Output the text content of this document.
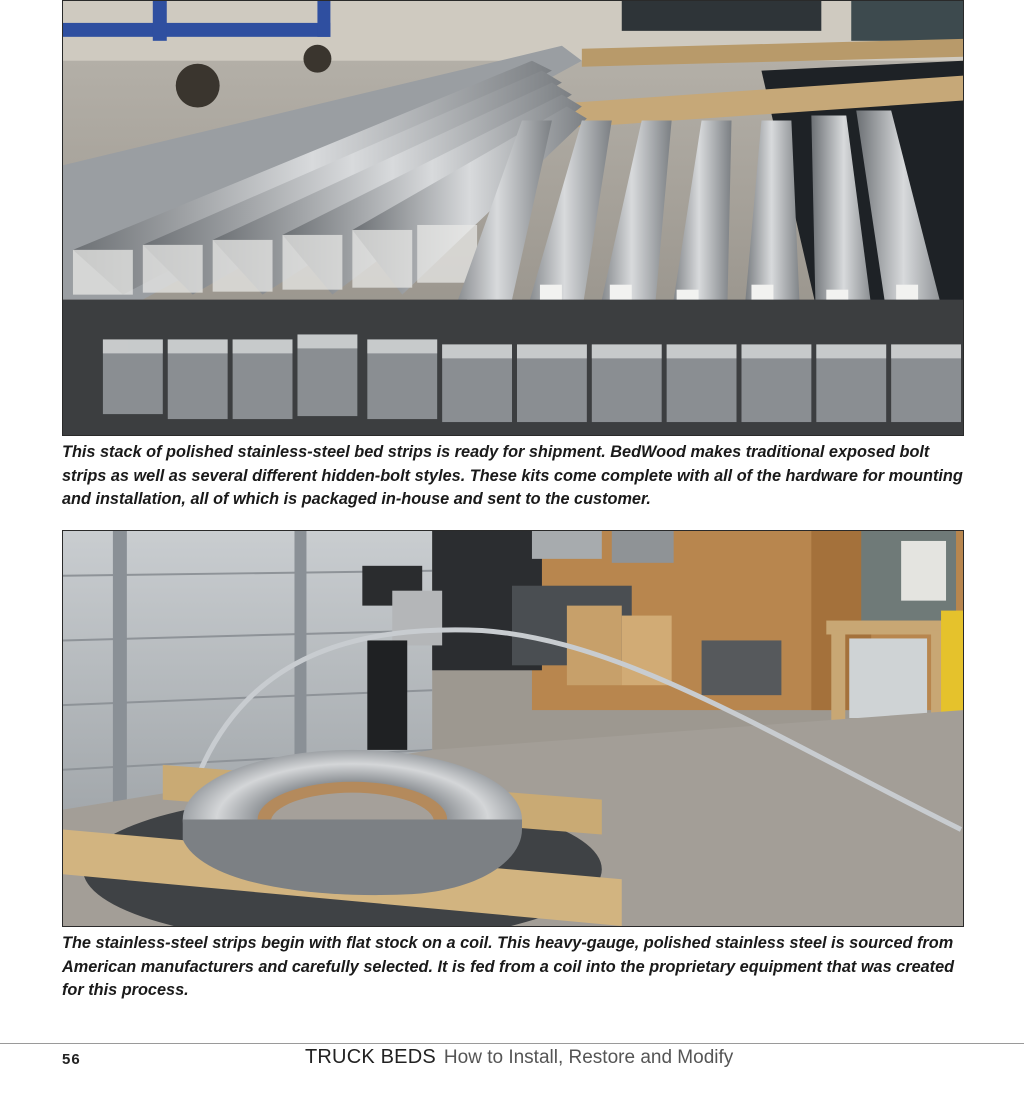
This stack of polished stainless-steel bed strips is ready for shipment. BedWood makes traditional exposed bolt strips as well as several different hidden-bolt styles. These kits come complete with all of the hardware for mounting and installation, all of which is packaged in-house and sent to the customer.

The stainless-steel strips begin with flat stock on a coil. This heavy-gauge, polished stainless steel is sourced from American manufacturers and carefully selected. It is fed from a coil into the proprietary equipment that was created for this process.

56	TRUCK BEDS How to Install, Restore and Modify
